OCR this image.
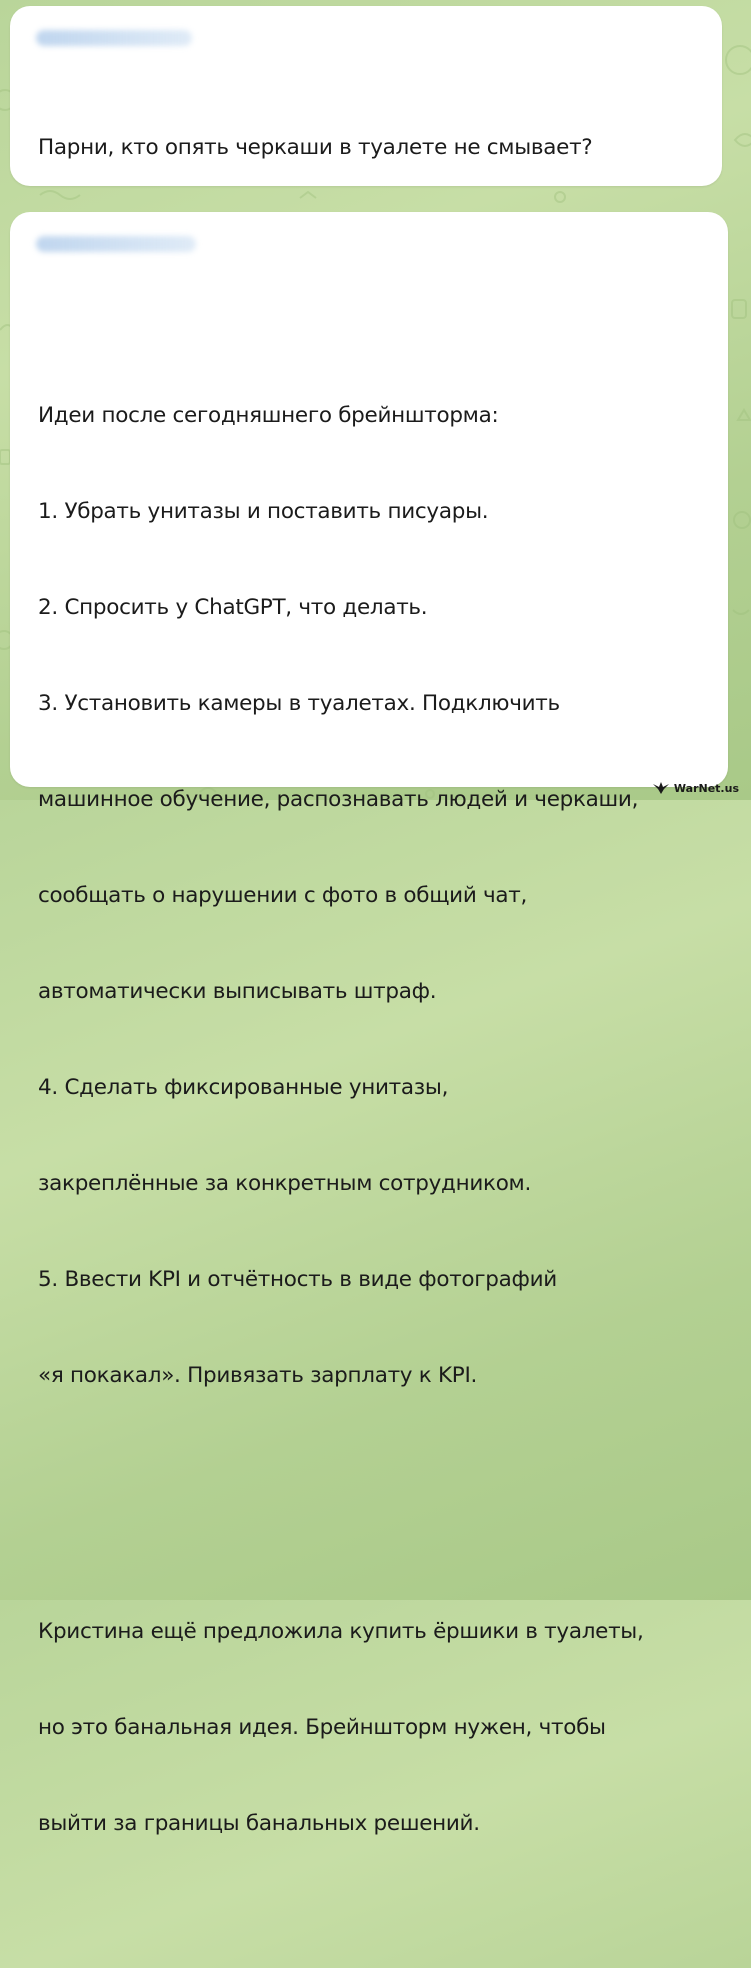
Парни, кто опять черкаши в туалете не смывает?

Идеи после сегодняшнего брейншторма:

1. Убрать унитазы и поставить писуары.

2. Спросить у ChatGPT, что делать.

3. Установить камеры в туалетах. Подключить

машинное обучение, распознавать людей и черкаши,

сообщать о нарушении с фото в общий чат,

автоматически выписывать штраф.

4. Сделать фиксированные унитазы,

закреплённые за конкретным сотрудником.

5. Ввести KPI и отчётность в виде фотографий

«я покакал». Привязать зарплату к KPI.

Кристина ещё предложила купить ёршики в туалеты,

но это банальная идея. Брейншторм нужен, чтобы

выйти за границы банальных решений.

WarNet.us
